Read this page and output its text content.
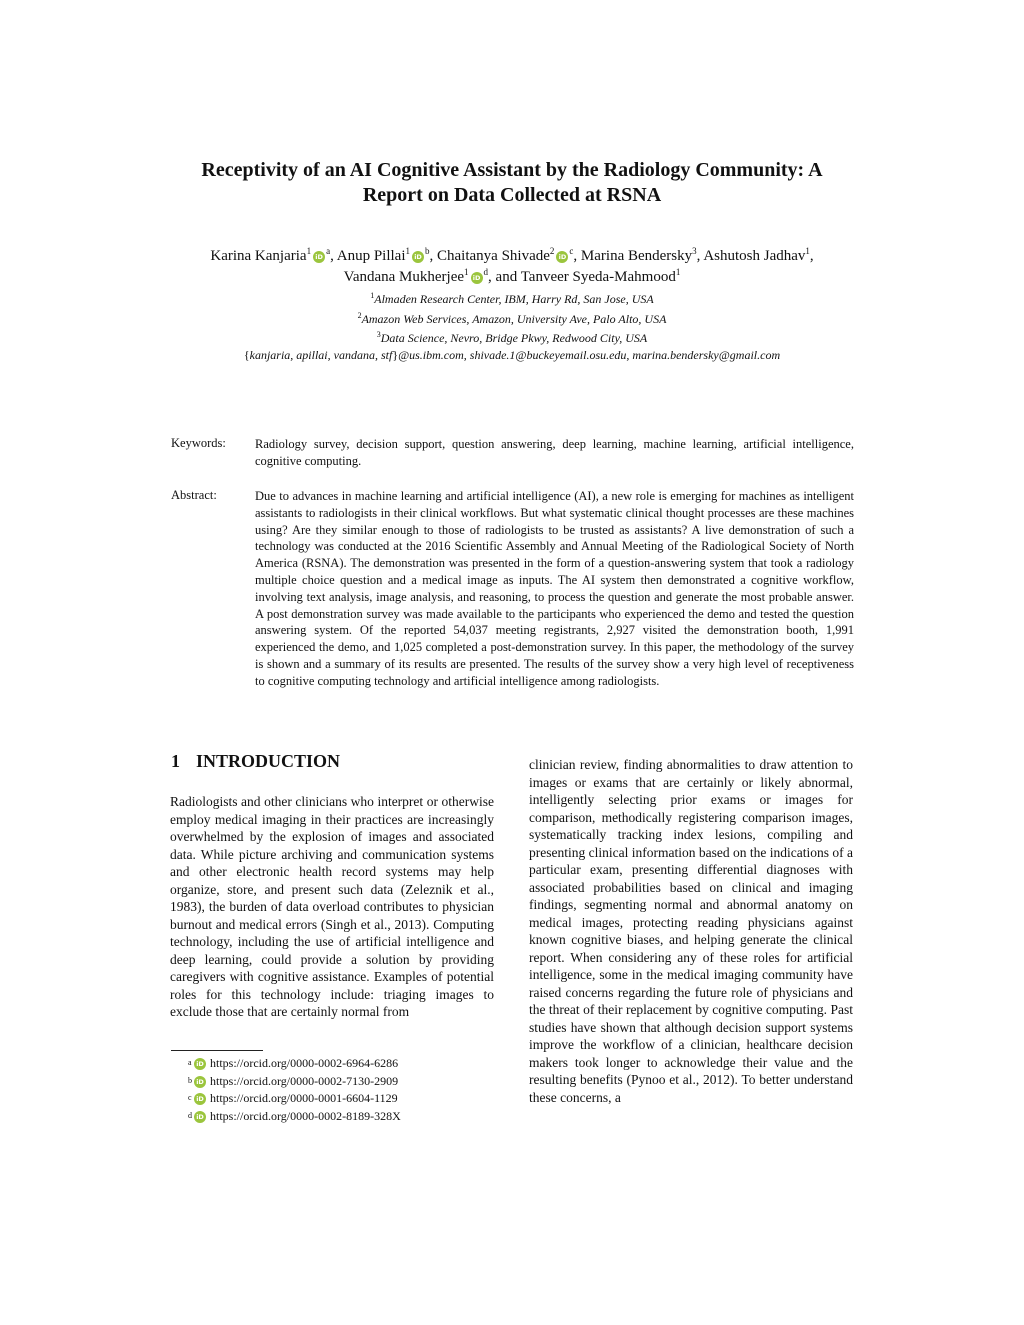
Receptivity of an AI Cognitive Assistant by the Radiology Community: A
Report on Data Collected at RSNA
Karina $Kanjaria^1iD^a$, Anup $Pillai^1iD^b$, Chaitanya $Shivade^2iD^c$, Marina Bendersky$^3$, Ashutosh Jadhav$^1$,
Vandana $Mukherjee^1iD^d$, and Tanveer Syeda-Mahmood$^1$
$^1$Almaden Research Center, IBM, Harry Rd, San Jose, USA
$^2$Amazon Web Services, Amazon, University Ave, Palo Alto, USA
$^3$Data Science, Nevro, Bridge Pkwy, Redwood City, USA
{kanjaria, apillai, vandana, stf}@us.ibm.com, shivade.1@buckeyemail.osu.edu, marina.bendersky@gmail.com
Keywords: Radiology survey, decision support, question answering, deep learning, machine learning, artificial intelligence, cognitive computing.
Abstract:	Due to advances in machine learning and artificial intelligence (AI), a new role is emerging for machines as intelligent assistants to radiologists in their clinical workflows. But what systematic clinical thought processes are these machines using? Are they similar enough to those of radiologists to be trusted as assistants? A live demonstration of such a technology was conducted at the 2016 Scientific Assembly and Annual Meeting of the Radiological Society of North America (RSNA). The demonstration was presented in the form of a question-answering system that took a radiology multiple choice question and a medical image as inputs. The AI system then demonstrated a cognitive workflow, involving text analysis, image analysis, and reasoning, to process the question and generate the most probable answer. A post demonstration survey was made available to the participants who experienced the demo and tested the question answering system. Of the reported 54,037 meeting registrants, 2,927 visited the demonstration booth, 1,991 experienced the demo, and 1,025 completed a post-demonstration survey. In this paper, the methodology of the survey is shown and a summary of its results are presented. The results of the survey show a very high level of receptiveness to cognitive computing technology and artificial intelligence among radiologists.
1 INTRODUCTION
Radiologists and other clinicians who interpret or otherwise employ medical imaging in their practices are increasingly overwhelmed by the explosion of images and associated data. While picture archiving and communication systems and other electronic health record systems may help organize, store, and present such data (Zeleznik et al., 1983), the burden of data overload contributes to physician burnout and medical errors (Singh et al., 2013). Computing technology, including the use of artificial intelligence and deep learning, could provide a solution by providing caregivers with cognitive assistance. Examples of potential roles for this technology include: triaging images to exclude those that are certainly normal from
clinician review, finding abnormalities to draw attention to images or exams that are certainly or likely abnormal, intelligently selecting prior exams or images for comparison, methodically registering comparison images, systematically tracking index lesions, compiling and presenting clinical information based on the indications of a particular exam, presenting differential diagnoses with associated probabilities based on clinical and imaging findings, segmenting normal and abnormal anatomy on medical images, protecting reading physicians against known cognitive biases, and helping generate the clinical report. When considering any of these roles for artificial intelligence, some in the medical imaging community have raised concerns regarding the future role of physicians and the threat of their replacement by cognitive computing. Past studies have shown that although decision support systems improve the workflow of a clinician, healthcare decision makers took longer to acknowledge their value and the resulting benefits (Pynoo et al., 2012). To better understand these concerns, a
a iD https://orcid.org/0000-0002-6964-6286
b iD https://orcid.org/0000-0002-7130-2909
c iD https://orcid.org/0000-0001-6604-1129
d iD https://orcid.org/0000-0002-8189-328X
